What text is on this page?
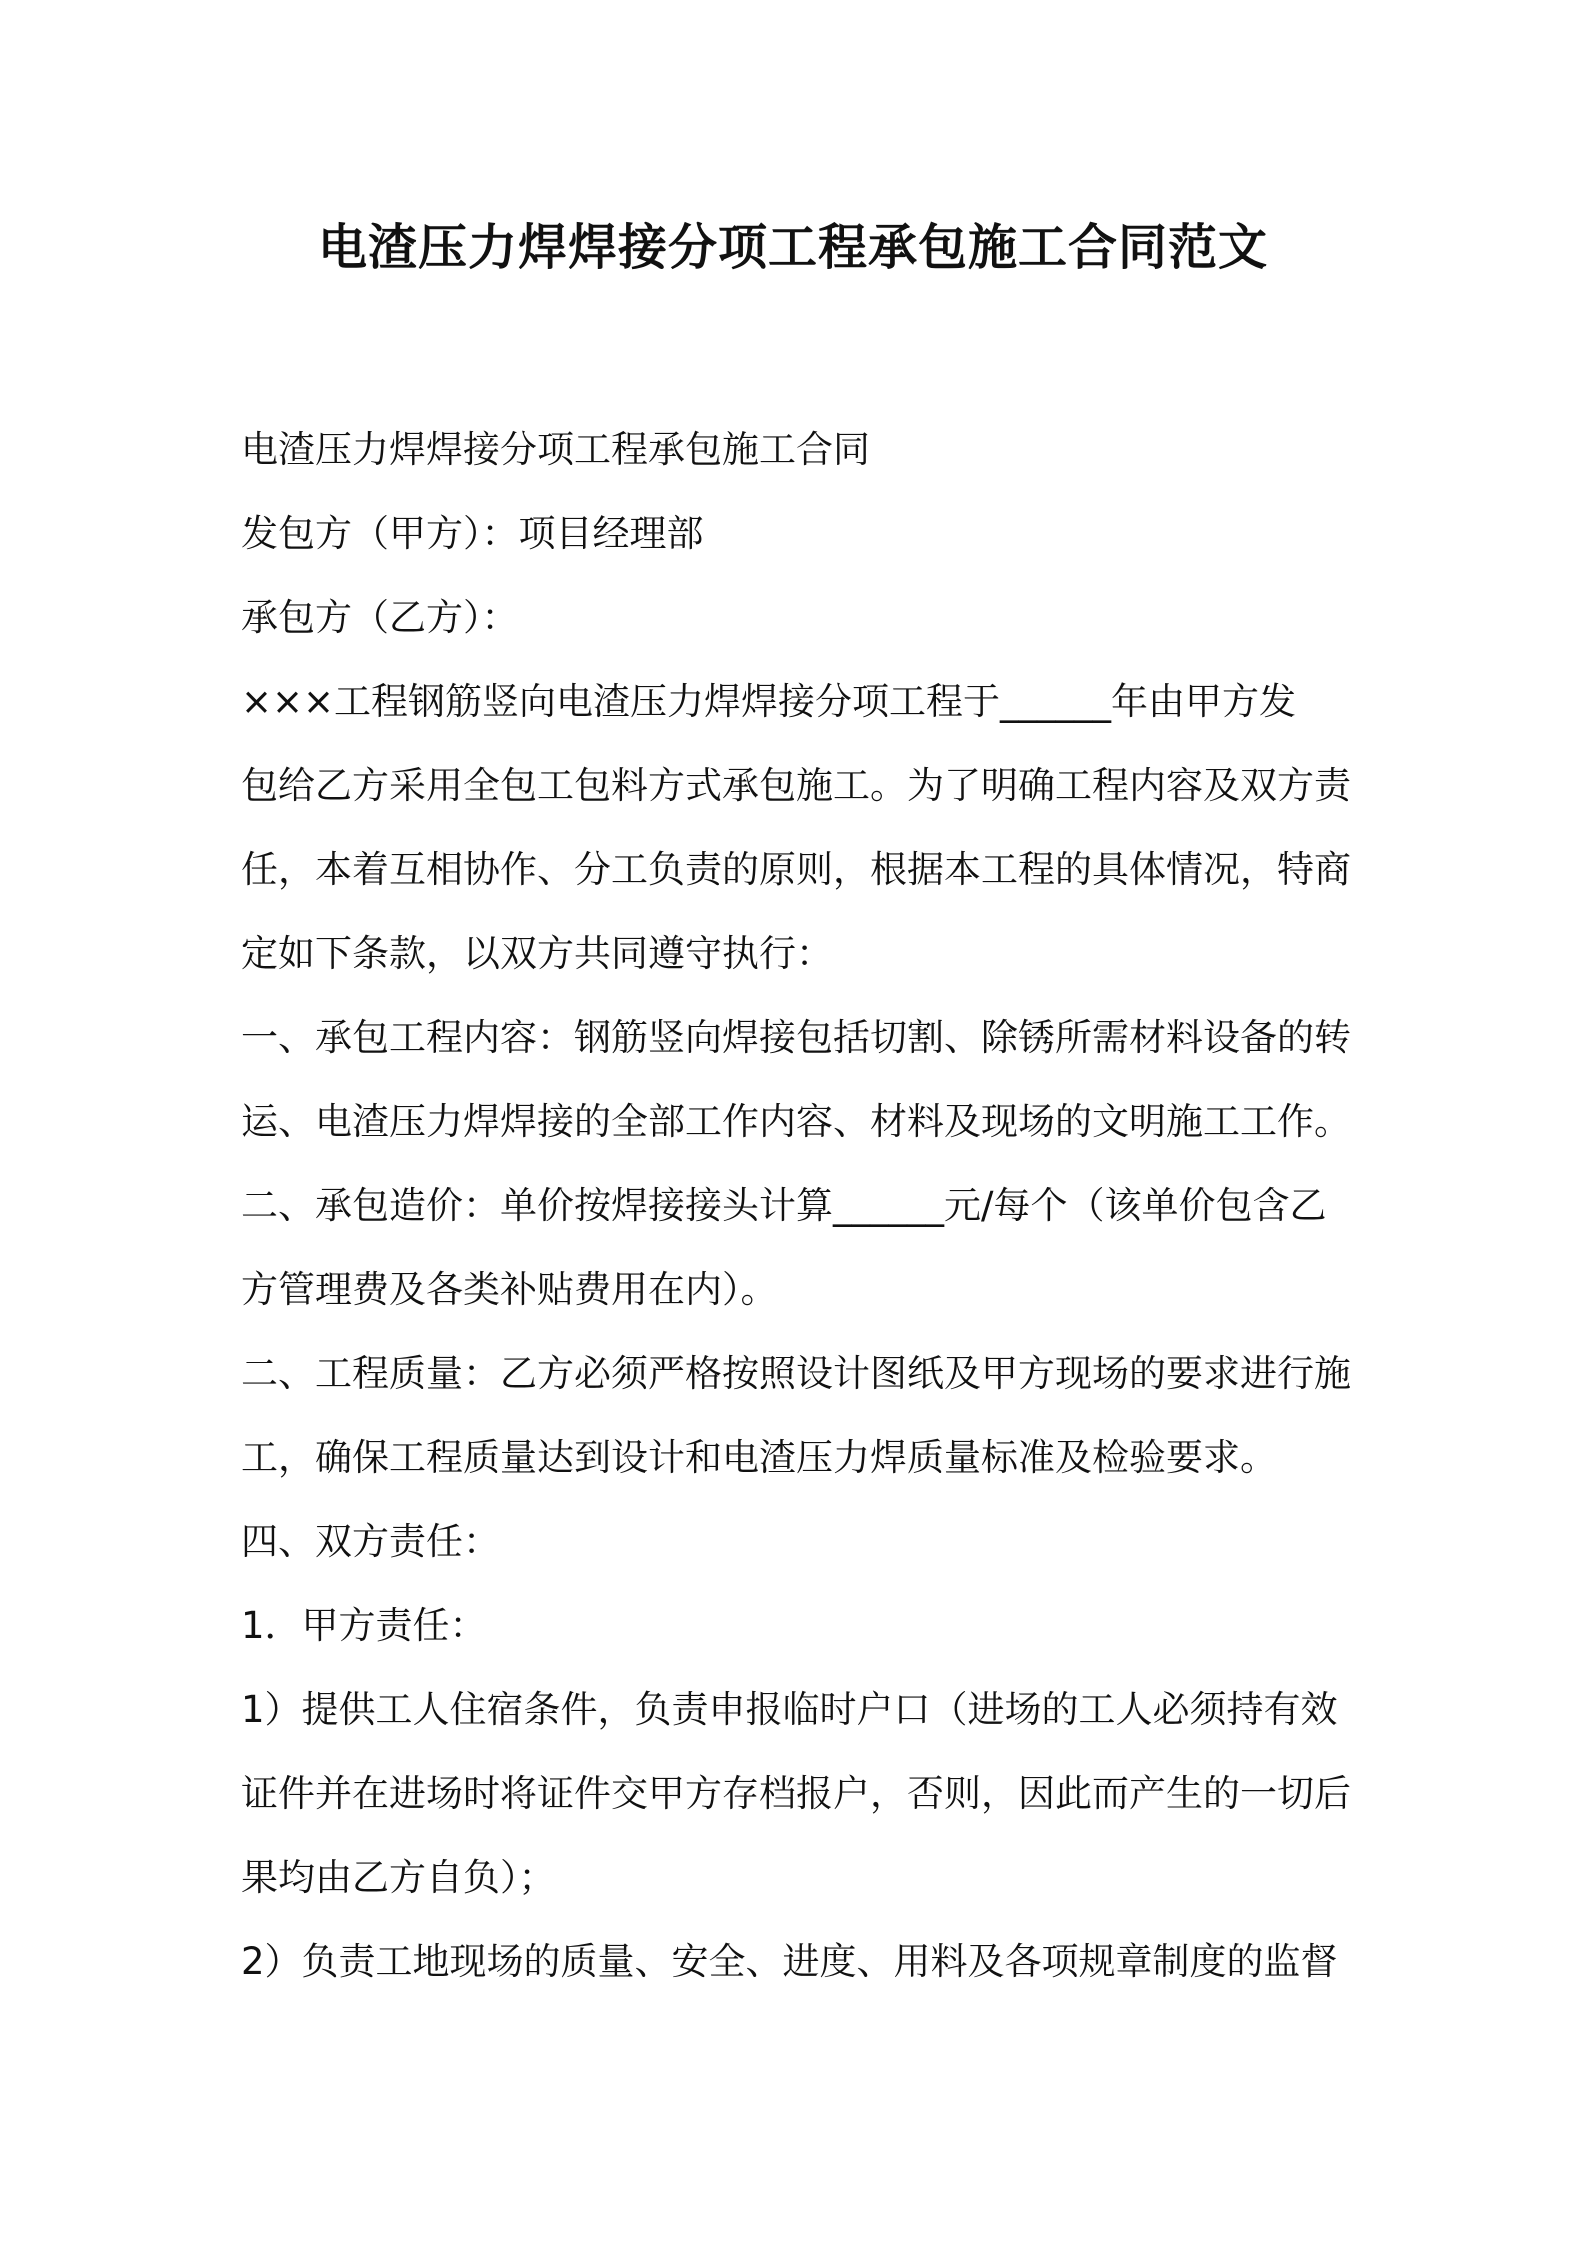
电渣压力焊焊接分项工程承包施工合同范文
电渣压力焊焊接分项工程承包施工合同
发包方（甲方）：项目经理部
承包方（乙方）：
×××工程钢筋竖向电渣压力焊焊接分项工程于______年由甲方发
包给乙方采用全包工包料方式承包施工。为了明确工程内容及双方责
任，本着互相协作、分工负责的原则，根据本工程的具体情况，特商
定如下条款，以双方共同遵守执行：
一、承包工程内容：钢筋竖向焊接包括切割、除锈所需材料设备的转
运、电渣压力焊焊接的全部工作内容、材料及现场的文明施工工作。
二、承包造价：单价按焊接接头计算______元/每个（该单价包含乙
方管理费及各类补贴费用在内）。
二、工程质量：乙方必须严格按照设计图纸及甲方现场的要求进行施
工，确保工程质量达到设计和电渣压力焊质量标准及检验要求。
四、双方责任：
1．甲方责任：
1）提供工人住宿条件，负责申报临时户口（进场的工人必须持有效
证件并在进场时将证件交甲方存档报户，否则，因此而产生的一切后
果均由乙方自负）；
2）负责工地现场的质量、安全、进度、用料及各项规章制度的监督
